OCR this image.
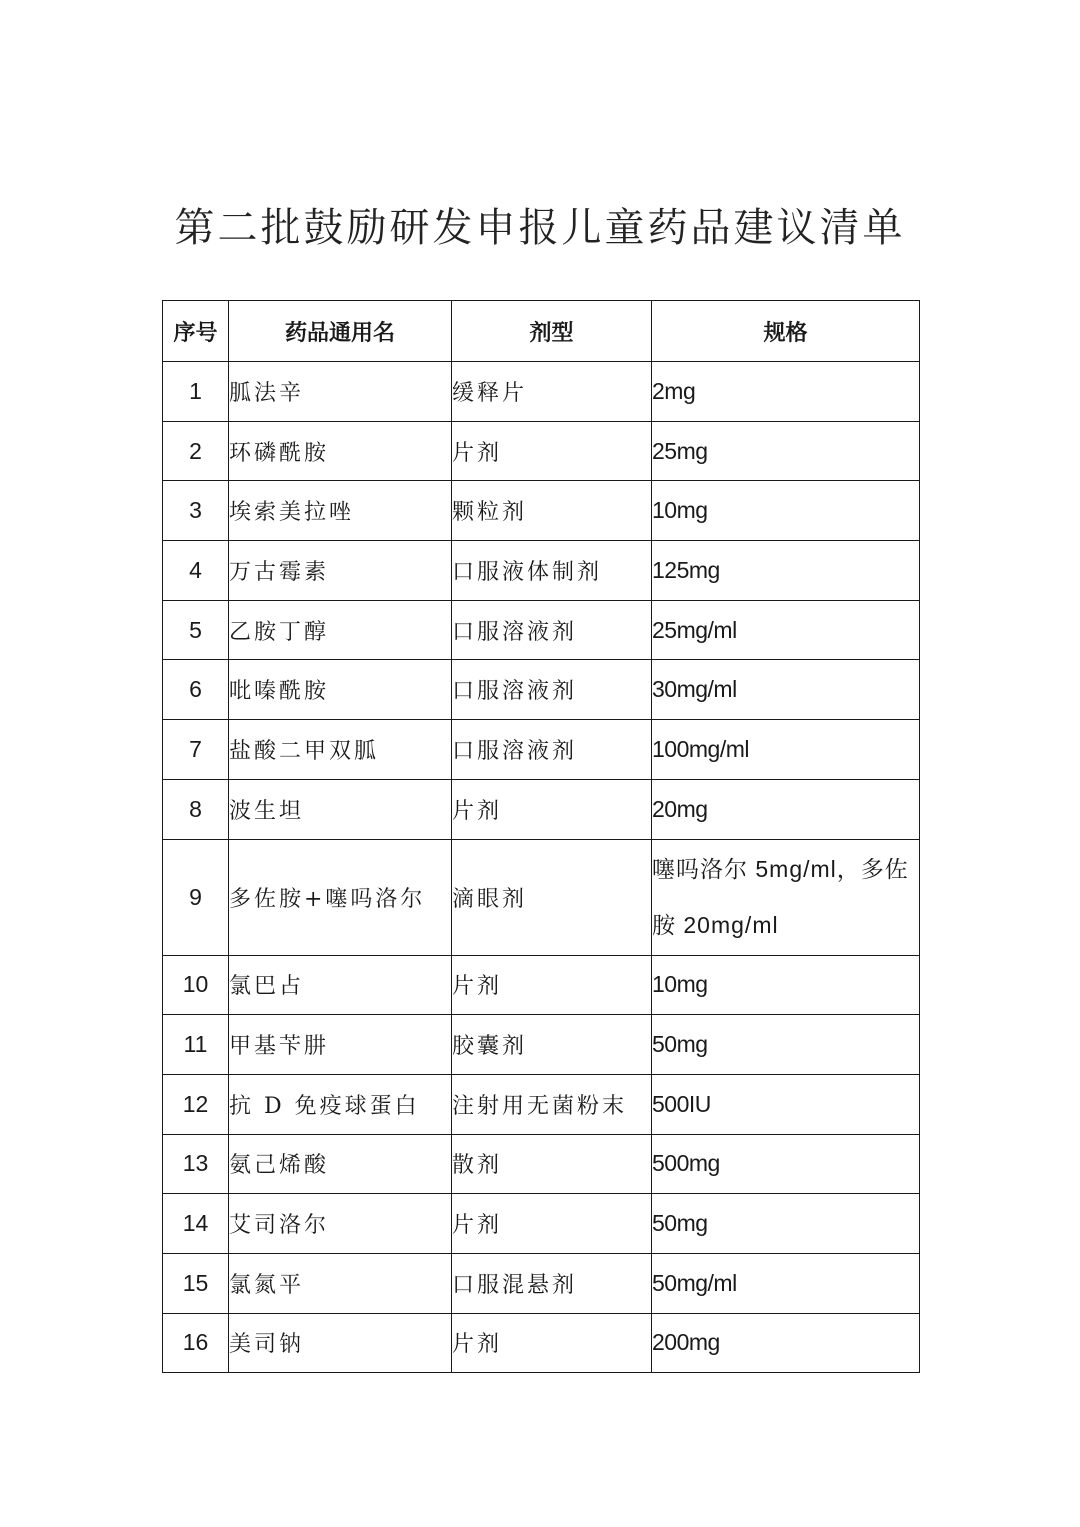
第二批鼓励研发申报儿童药品建议清单
序号	药品通用名	剂型	规格
1	胍法辛	缓释片	2mg
2	环磷酰胺	片剂	25mg
3	埃索美拉唑	颗粒剂	10mg
4	万古霉素	口服液体制剂	125mg
5	乙胺丁醇	口服溶液剂	25mg/ml
6	吡嗪酰胺	口服溶液剂	30mg/ml
7	盐酸二甲双胍	口服溶液剂	100mg/ml
8	波生坦	片剂	20mg
9	多佐胺+噻吗洛尔	滴眼剂	噻吗洛尔 5mg/ml，多佐胺 20mg/ml
10	氯巴占	片剂	10mg
11	甲基苄肼	胶囊剂	50mg
12	抗 D 免疫球蛋白	注射用无菌粉末	500IU
13	氨己烯酸	散剂	500mg
14	艾司洛尔	片剂	50mg
15	氯氮平	口服混悬剂	50mg/ml
16	美司钠	片剂	200mg
